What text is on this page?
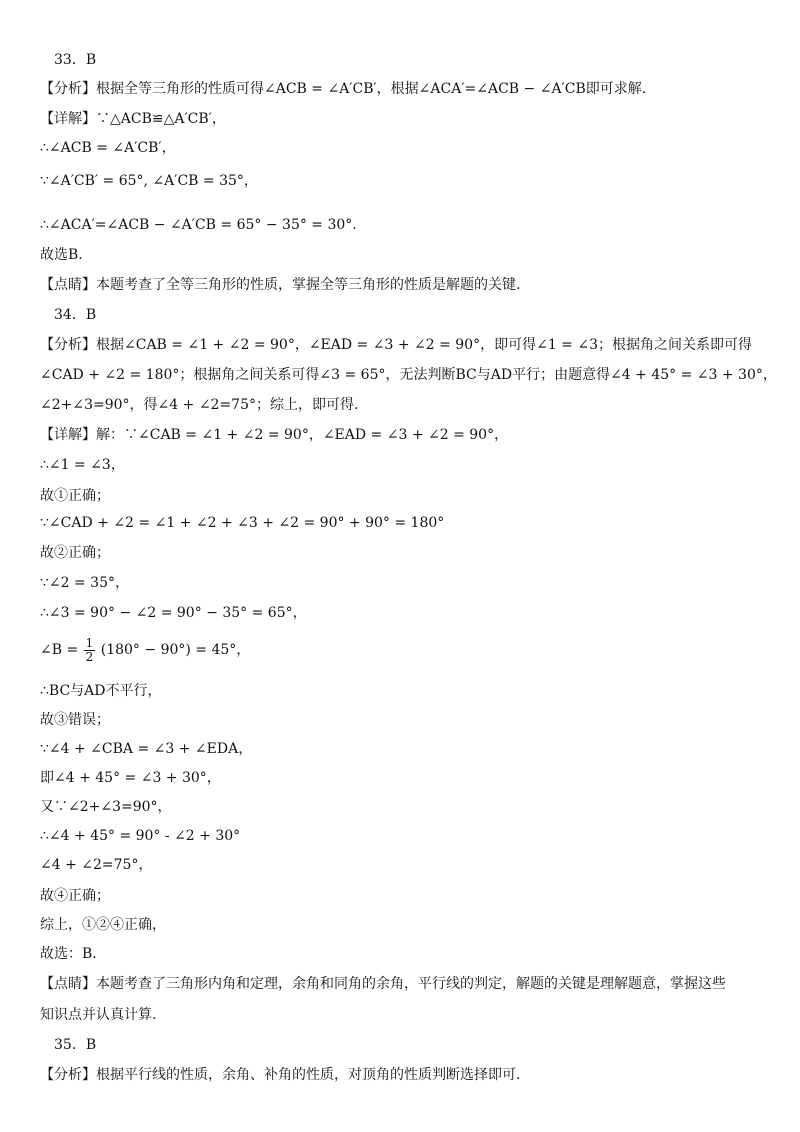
33．B
【分析】根据全等三角形的性质可得∠ACB = ∠A′CB′，根据∠ACA′=∠ACB − ∠A′CB即可求解.
【详解】∵△ACB≌△A′CB′，
∴∠ACB = ∠A′CB′，
∵∠A′CB′ = 65°, ∠A′CB = 35°，
∴∠ACA′=∠ACB − ∠A′CB = 65° − 35° = 30°.
故选B.
【点睛】本题考查了全等三角形的性质，掌握全等三角形的性质是解题的关键.
34．B
【分析】根据∠CAB = ∠1 + ∠2 = 90°，∠EAD = ∠3 + ∠2 = 90°，即可得∠1 = ∠3；根据角之间关系即可得
∠CAD + ∠2 = 180°；根据角之间关系可得∠3 = 65°，无法判断BC与AD平行；由题意得∠4 + 45° = ∠3 + 30°，
∠2+∠3=90°，得∠4 + ∠2=75°；综上，即可得.
【详解】解：∵∠CAB = ∠1 + ∠2 = 90°，∠EAD = ∠3 + ∠2 = 90°，
∴∠1 = ∠3，
故①正确；
∵∠CAD + ∠2 = ∠1 + ∠2 + ∠3 + ∠2 = 90° + 90° = 180°
故②正确；
∵∠2 = 35°，
∴∠3 = 90° − ∠2 = 90° − 35° = 65°，
∠B = $\frac{1}{2} (180^\circ - 90^\circ) = 45^\circ$，
∴BC与AD不平行，
故③错误；
∵∠4 + ∠CBA = ∠3 + ∠EDA，
即∠4 + 45° = ∠3 + 30°，
又∵∠2+∠3=90°，
∴∠4 + 45° = 90° - ∠2 + 30°
∠4 + ∠2=75°，
故④正确；
综上，①②④正确，
故选：B.
【点睛】本题考查了三角形内角和定理，余角和同角的余角，平行线的判定，解题的关键是理解题意，掌握这些
知识点并认真计算.
35．B
【分析】根据平行线的性质，余角、补角的性质，对顶角的性质判断选择即可.
